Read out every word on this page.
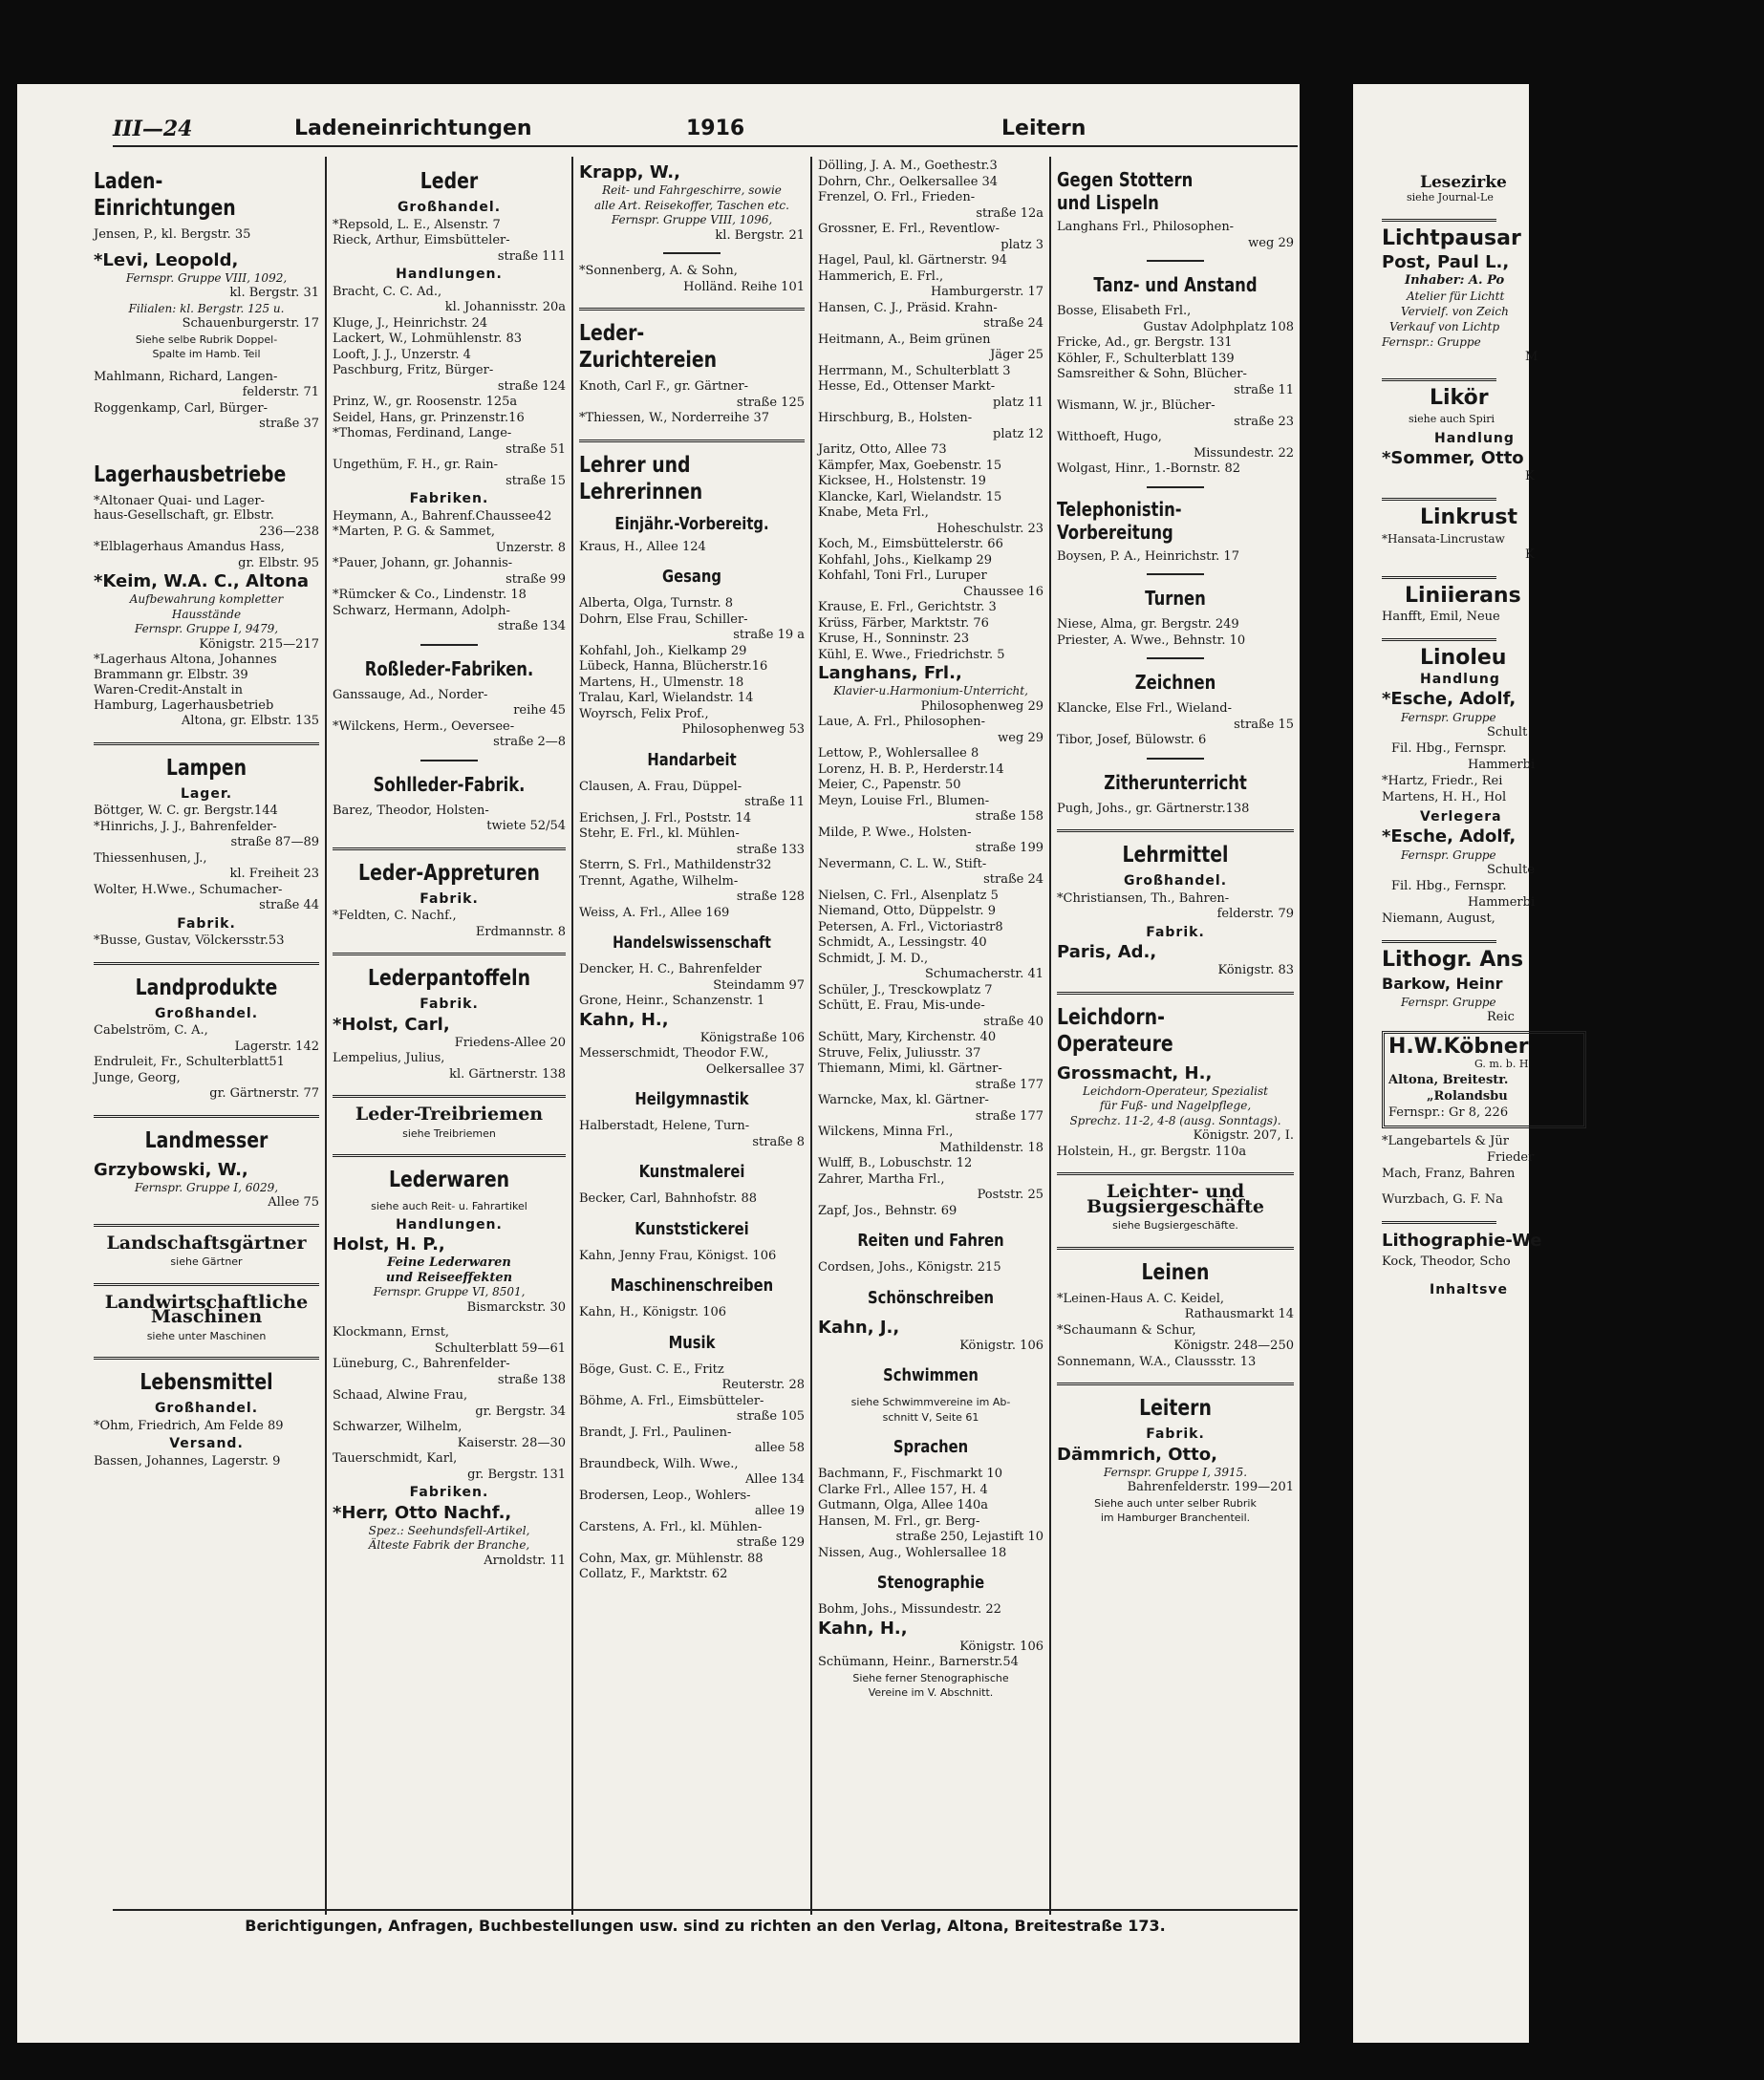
III—24	Ladeneinrichtungen	1916	Leitern
Laden-
Einrichtungen
Jensen, P., kl. Bergstr. 35
*Levi, Leopold,
Fernspr. Gruppe VIII, 1092,
kl. Bergstr. 31
Filialen: kl. Bergstr. 125 u.
Schauenburgerstr. 17
Siehe selbe Rubrik Doppel-
Spalte im Hamb. Teil
Mahlmann, Richard, Langen-
felderstr. 71
Roggenkamp, Carl, Bürger-
straße 37
Lagerhausbetriebe
*Altonaer Quai- und Lager-
haus-Gesellschaft, gr. Elbstr.
236—238
*Elblagerhaus Amandus Hass,
gr. Elbstr. 95
*Keim, W.A. C., Altona
Aufbewahrung kompletter
Hausstände
Fernspr. Gruppe I, 9479,
Königstr. 215—217
*Lagerhaus Altona, Johannes
Brammann gr. Elbstr. 39
Waren-Credit-Anstalt in
Hamburg, Lagerhausbetrieb
Altona, gr. Elbstr. 135
Lampen
Lager.
Böttger, W. C. gr. Bergstr.144
*Hinrichs, J. J., Bahrenfelder-
straße 87—89
Thiessenhusen, J.,
kl. Freiheit 23
Wolter, H.Wwe., Schumacher-
straße 44
Fabrik.
*Busse, Gustav, Völckersstr.53
Landprodukte
Großhandel.
Cabelström, C. A.,
Lagerstr. 142
Endruleit, Fr., Schulterblatt51
Junge, Georg,
gr. Gärtnerstr. 77
Landmesser
Grzybowski, W.,
Fernspr. Gruppe I, 6029,
Allee 75
Landschaftsgärtner
siehe Gärtner
Landwirtschaftliche
Maschinen
siehe unter Maschinen
Lebensmittel
Großhandel.
*Ohm, Friedrich, Am Felde 89
Versand.
Bassen, Johannes, Lagerstr. 9
Leder
Großhandel.
*Repsold, L. E., Alsenstr. 7
Rieck, Arthur, Eimsbütteler-
straße 111
Handlungen.
Bracht, C. C. Ad.,
kl. Johannisstr. 20a
Kluge, J., Heinrichstr. 24
Lackert, W., Lohmühlenstr. 83
Looft, J. J., Unzerstr. 4
Paschburg, Fritz, Bürger-
straße 124
Prinz, W., gr. Roosenstr. 125a
Seidel, Hans, gr. Prinzenstr.16
*Thomas, Ferdinand, Lange-
straße 51
Ungethüm, F. H., gr. Rain-
straße 15
Fabriken.
Heymann, A., Bahrenf.Chaussee42
*Marten, P. G. & Sammet,
Unzerstr. 8
*Pauer, Johann, gr. Johannis-
straße 99
*Rümcker & Co., Lindenstr. 18
Schwarz, Hermann, Adolph-
straße 134
Roßleder-Fabriken.
Ganssauge, Ad., Norder-
reihe 45
*Wilckens, Herm., Oeversee-
straße 2—8
Sohlleder-Fabrik.
Barez, Theodor, Holsten-
twiete 52/54
Leder-Appreturen
Fabrik.
*Feldten, C. Nachf.,
Erdmannstr. 8
Lederpantoffeln
Fabrik.
*Holst, Carl,
Friedens-Allee 20
Lempelius, Julius,
kl. Gärtnerstr. 138
Leder-Treibriemen
siehe Treibriemen
Lederwaren
siehe auch Reit- u. Fahrartikel
Handlungen.
Holst, H. P.,
Feine Lederwaren
und Reiseeffekten
Fernspr. Gruppe VI, 8501,
Bismarckstr. 30
Klockmann, Ernst,
Schulterblatt 59—61
Lüneburg, C., Bahrenfelder-
straße 138
Schaad, Alwine Frau,
gr. Bergstr. 34
Schwarzer, Wilhelm,
Kaiserstr. 28—30
Tauerschmidt, Karl,
gr. Bergstr. 131
Fabriken.
*Herr, Otto Nachf.,
Spez.: Seehundsfell-Artikel,
Älteste Fabrik der Branche,
Arnoldstr. 11
Krapp, W.,
Reit- und Fahrgeschirre, sowie
alle Art. Reisekoffer, Taschen etc.
Fernspr. Gruppe VIII, 1096,
kl. Bergstr. 21
*Sonnenberg, A. & Sohn,
Holländ. Reihe 101
Leder-
Zurichtereien
Knoth, Carl F., gr. Gärtner-
straße 125
*Thiessen, W., Norderreihe 37
Lehrer und
Lehrerinnen
Einjähr.-Vorbereitg.
Kraus, H., Allee 124
Gesang
Alberta, Olga, Turnstr. 8
Dohrn, Else Frau, Schiller-
straße 19 a
Kohfahl, Joh., Kielkamp 29
Lübeck, Hanna, Blücherstr.16
Martens, H., Ulmenstr. 18
Tralau, Karl, Wielandstr. 14
Woyrsch, Felix Prof.,
Philosophenweg 53
Handarbeit
Clausen, A. Frau, Düppel-
straße 11
Erichsen, J. Frl., Poststr. 14
Stehr, E. Frl., kl. Mühlen-
straße 133
Sterrn, S. Frl., Mathildenstr32
Trennt, Agathe, Wilhelm-
straße 128
Weiss, A. Frl., Allee 169
Handelswissenschaft
Dencker, H. C., Bahrenfelder
Steindamm 97
Grone, Heinr., Schanzenstr. 1
Kahn, H.,
Königstraße 106
Messerschmidt, Theodor F.W.,
Oelkersallee 37
Heilgymnastik
Halberstadt, Helene, Turn-
straße 8
Kunstmalerei
Becker, Carl, Bahnhofstr. 88
Kunststickerei
Kahn, Jenny Frau, Königst. 106
Maschinenschreiben
Kahn, H., Königstr. 106
Musik
Böge, Gust. C. E., Fritz
Reuterstr. 28
Böhme, A. Frl., Eimsbütteler-
straße 105
Brandt, J. Frl., Paulinen-
allee 58
Braundbeck, Wilh. Wwe.,
Allee 134
Brodersen, Leop., Wohlers-
allee 19
Carstens, A. Frl., kl. Mühlen-
straße 129
Cohn, Max, gr. Mühlenstr. 88
Collatz, F., Marktstr. 62
Dölling, J. A. M., Goethestr.3
Dohrn, Chr., Oelkersallee 34
Frenzel, O. Frl., Frieden-
straße 12a
Grossner, E. Frl., Reventlow-
platz 3
Hagel, Paul, kl. Gärtnerstr. 94
Hammerich, E. Frl.,
Hamburgerstr. 17
Hansen, C. J., Präsid. Krahn-
straße 24
Heitmann, A., Beim grünen
Jäger 25
Herrmann, M., Schulterblatt 3
Hesse, Ed., Ottenser Markt-
platz 11
Hirschburg, B., Holsten-
platz 12
Jaritz, Otto, Allee 73
Kämpfer, Max, Goebenstr. 15
Kicksee, H., Holstenstr. 19
Klancke, Karl, Wielandstr. 15
Knabe, Meta Frl.,
Hoheschulstr. 23
Koch, M., Eimsbüttelerstr. 66
Kohfahl, Johs., Kielkamp 29
Kohfahl, Toni Frl., Luruper
Chaussee 16
Krause, E. Frl., Gerichtstr. 3
Krüss, Färber, Marktstr. 76
Kruse, H., Sonninstr. 23
Kühl, E. Wwe., Friedrichstr. 5
Langhans, Frl.,
Klavier-u.Harmonium-Unterricht,
Philosophenweg 29
Laue, A. Frl., Philosophen-
weg 29
Lettow, P., Wohlersallee 8
Lorenz, H. B. P., Herderstr.14
Meier, C., Papenstr. 50
Meyn, Louise Frl., Blumen-
straße 158
Milde, P. Wwe., Holsten-
straße 199
Nevermann, C. L. W., Stift-
straße 24
Nielsen, C. Frl., Alsenplatz 5
Niemand, Otto, Düppelstr. 9
Petersen, A. Frl., Victoriastr8
Schmidt, A., Lessingstr. 40
Schmidt, J. M. D.,
Schumacherstr. 41
Schüler, J., Tresckowplatz 7
Schütt, E. Frau, Mis-unde-
straße 40
Schütt, Mary, Kirchenstr. 40
Struve, Felix, Juliusstr. 37
Thiemann, Mimi, kl. Gärtner-
straße 177
Warncke, Max, kl. Gärtner-
straße 177
Wilckens, Minna Frl.,
Mathildenstr. 18
Wulff, B., Lobuschstr. 12
Zahrer, Martha Frl.,
Poststr. 25
Zapf, Jos., Behnstr. 69
Reiten und Fahren
Cordsen, Johs., Königstr. 215
Schönschreiben
Kahn, J.,
Königstr. 106
Schwimmen
siehe Schwimmvereine im Ab-
schnitt V, Seite 61
Sprachen
Bachmann, F., Fischmarkt 10
Clarke Frl., Allee 157, H. 4
Gutmann, Olga, Allee 140a
Hansen, M. Frl., gr. Berg-
straße 250, Lejastift 10
Nissen, Aug., Wohlersallee 18
Stenographie
Bohm, Johs., Missundestr. 22
Kahn, H.,
Königstr. 106
Schümann, Heinr., Barnerstr.54
Siehe ferner Stenographische
Vereine im V. Abschnitt.
Gegen Stottern
und Lispeln
Langhans Frl., Philosophen-
weg 29
Tanz- und Anstand
Bosse, Elisabeth Frl.,
Gustav Adolphplatz 108
Fricke, Ad., gr. Bergstr. 131
Köhler, F., Schulterblatt 139
Samsreither & Sohn, Blücher-
straße 11
Wismann, W. jr., Blücher-
straße 23
Witthoeft, Hugo,
Missundestr. 22
Wolgast, Hinr., 1.-Bornstr. 82
Telephonistin-
Vorbereitung
Boysen, P. A., Heinrichstr. 17
Turnen
Niese, Alma, gr. Bergstr. 249
Priester, A. Wwe., Behnstr. 10
Zeichnen
Klancke, Else Frl., Wieland-
straße 15
Tibor, Josef, Bülowstr. 6
Zitherunterricht
Pugh, Johs., gr. Gärtnerstr.138
Lehrmittel
Großhandel.
*Christiansen, Th., Bahren-
felderstr. 79
Fabrik.
Paris, Ad.,
Königstr. 83
Leichdorn-
Operateure
Grossmacht, H.,
Leichdorn-Operateur, Spezialist
für Fuß- und Nagelpflege,
Sprechz. 11-2, 4-8 (ausg. Sonntags).
Königstr. 207, I.
Holstein, H., gr. Bergstr. 110a
Leichter- und
Bugsiergeschäfte
siehe Bugsiergeschäfte.
Leinen
*Leinen-Haus A. C. Keidel,
Rathausmarkt 14
*Schaumann & Schur,
Königstr. 248—250
Sonnemann, W.A., Claussstr. 13
Leitern
Fabrik.
Dämmrich, Otto,
Fernspr. Gruppe I, 3915.
Bahrenfelderstr. 199—201
Siehe auch unter selber Rubrik
im Hamburger Branchenteil.
Berichtigungen, Anfragen, Buchbestellungen usw. sind zu richten an den Verlag, Altona, Breitestraße 173.
Lesezirke
siehe Journal-Le
Lichtpausar
Post, Paul L.,
Inhaber: A. Po
Atelier für Lichtt
Vervielf. von Zeich
Verkauf von Lichtp
Fernspr.: Gruppe
M
Likör
siehe auch Spiri
Handlung
*Sommer, Otto
K
Linkrust
*Hansata-Lincrustaw
K
Liniierans
Hanfft, Emil, Neue
Linoleu
Handlung
*Esche, Adolf,
Fernspr. Gruppe
Schult
Fil. Hbg., Fernspr.
Hammerbi
*Hartz, Friedr., Rei
Martens, H. H., Hol
Verlegera
*Esche, Adolf,
Fernspr. Gruppe
Schulte
Fil. Hbg., Fernspr.
Hammerbi
Niemann, August,
Lithogr. Ans
Barkow, Heinr
Fernspr. Gruppe
Reic
H.W.Köbner
G. m. b. H
Altona, Breitestr.
„Rolandsbu
Fernspr.: Gr 8, 226
*Langebartels & Jür
Frieder
Mach, Franz, Bahren
Wurzbach, G. F. Na
Lithographie-We
Kock, Theodor, Scho
Inhaltsve
